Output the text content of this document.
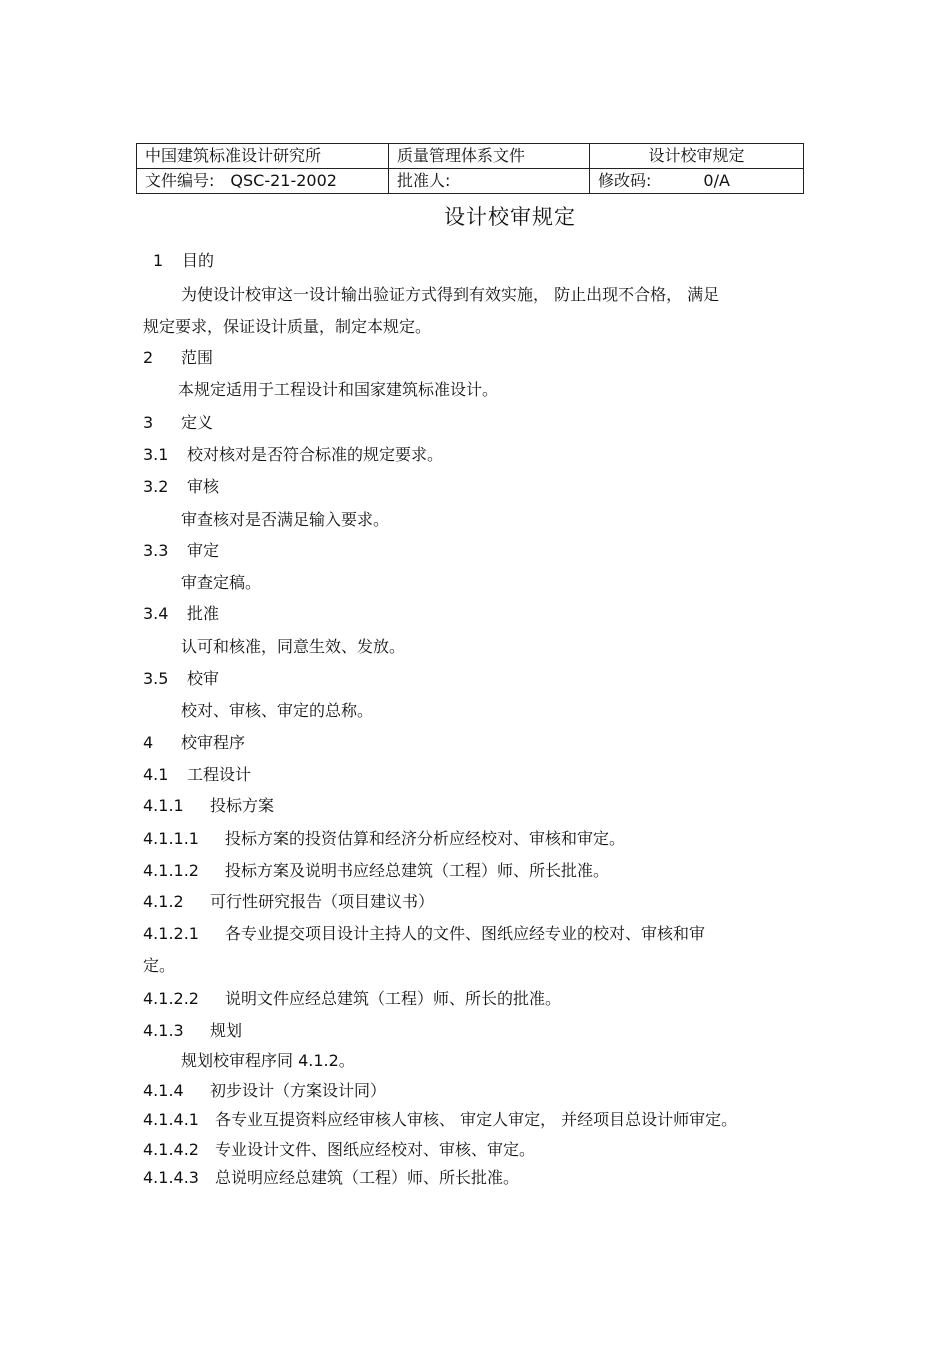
中国建筑标准设计研究所	质量管理体系文件	设计校审规定
文件编号: QSC-21-2002	批准人:	修改码: 0/A
设计校审规定
1 目的
为使设计校审这一设计输出验证方式得到有效实施， 防止出现不合格， 满足
规定要求，保证设计质量，制定本规定。
2 范围
本规定适用于工程设计和国家建筑标准设计。
3 定义
3.1 校对核对是否符合标准的规定要求。
3.2 审核
审查核对是否满足输入要求。
3.3 审定
审查定稿。
3.4 批准
认可和核准，同意生效、发放。
3.5 校审
校对、审核、审定的总称。
4 校审程序
4.1 工程设计
4.1.1 投标方案
4.1.1.1 投标方案的投资估算和经济分析应经校对、审核和审定。
4.1.1.2 投标方案及说明书应经总建筑（工程）师、所长批准。
4.1.2 可行性研究报告（项目建议书）
4.1.2.1 各专业提交项目设计主持人的文件、图纸应经专业的校对、审核和审
定。
4.1.2.2 说明文件应经总建筑（工程）师、所长的批准。
4.1.3 规划
规划校审程序同 4.1.2。
4.1.4 初步设计（方案设计同）
4.1.4.1 各专业互提资料应经审核人审核、 审定人审定， 并经项目总设计师审定。
4.1.4.2 专业设计文件、图纸应经校对、审核、审定。
4.1.4.3 总说明应经总建筑（工程）师、所长批准。
